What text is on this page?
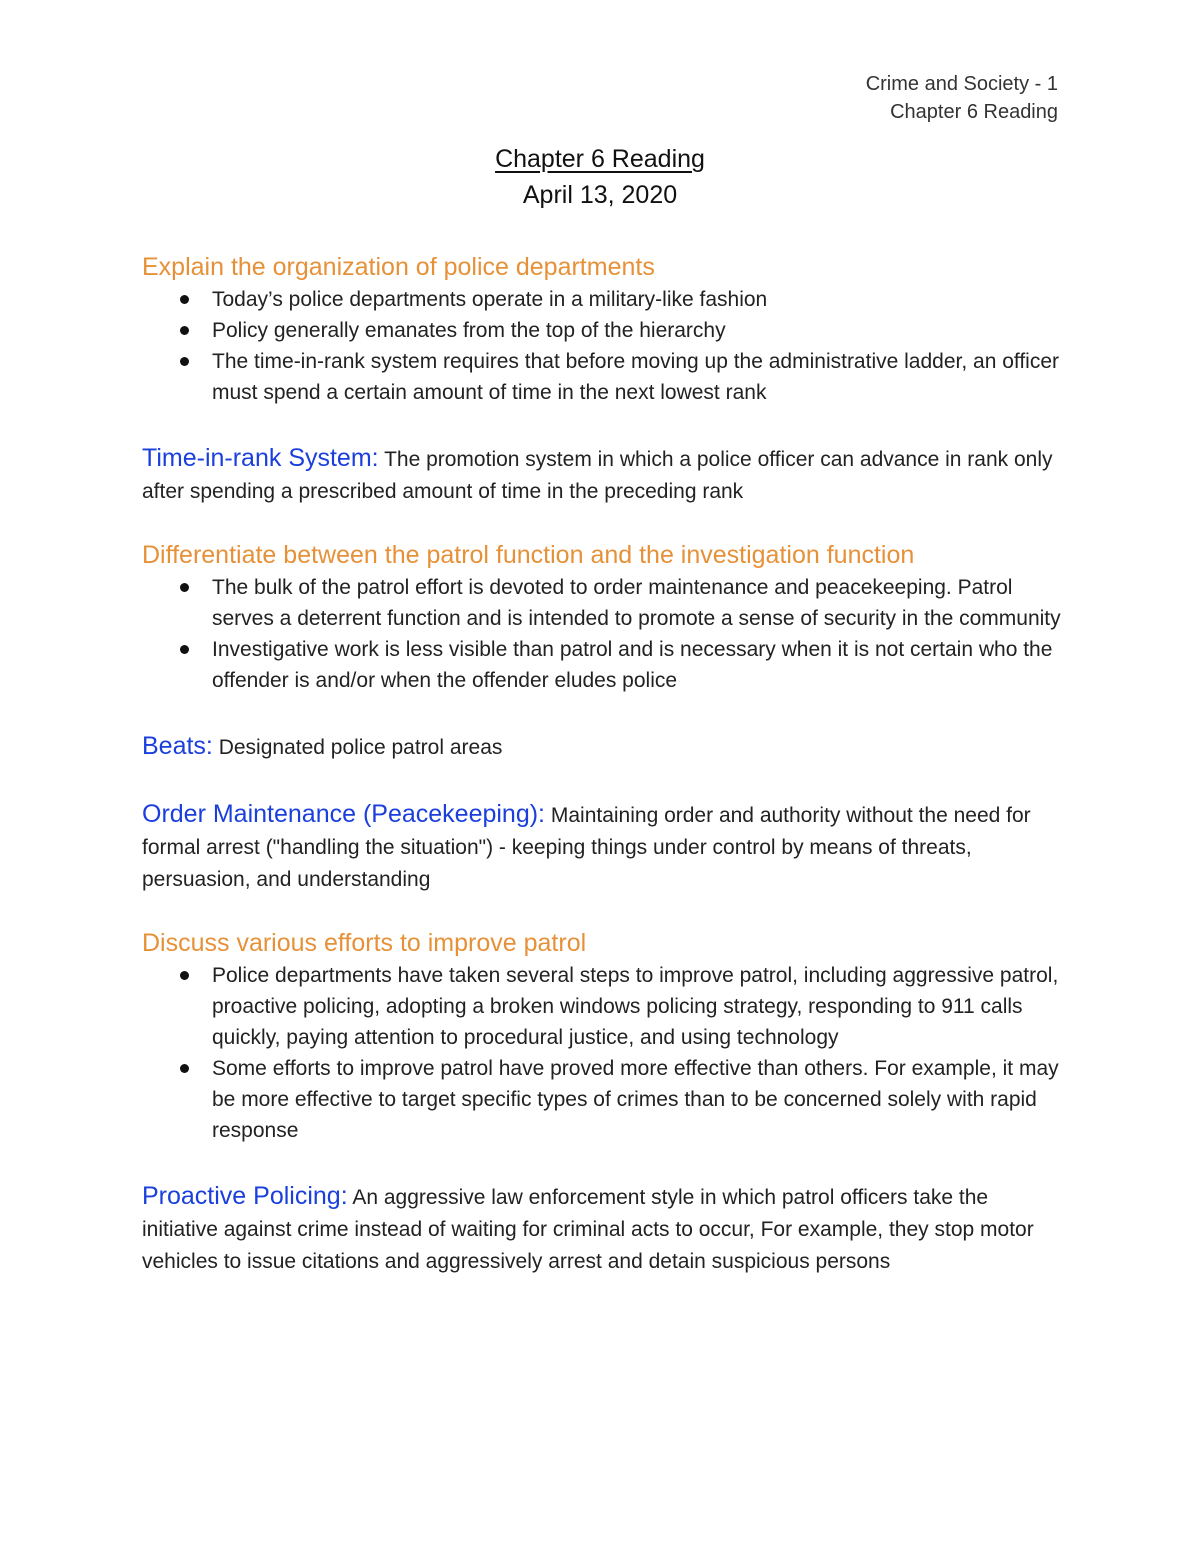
Crime and Society - 1
Chapter 6 Reading
Chapter 6 Reading
April 13, 2020
Explain the organization of police departments
Today’s police departments operate in a military-like fashion
Policy generally emanates from the top of the hierarchy
The time-in-rank system requires that before moving up the administrative ladder, an officer must spend a certain amount of time in the next lowest rank
Time-in-rank System: The promotion system in which a police officer can advance in rank only after spending a prescribed amount of time in the preceding rank
Differentiate between the patrol function and the investigation function
The bulk of the patrol effort is devoted to order maintenance and peacekeeping. Patrol serves a deterrent function and is intended to promote a sense of security in the community
Investigative work is less visible than patrol and is necessary when it is not certain who the offender is and/or when the offender eludes police
Beats: Designated police patrol areas
Order Maintenance (Peacekeeping): Maintaining order and authority without the need for formal arrest ("handling the situation") - keeping things under control by means of threats, persuasion, and understanding
Discuss various efforts to improve patrol
Police departments have taken several steps to improve patrol, including aggressive patrol, proactive policing, adopting a broken windows policing strategy, responding to 911 calls quickly, paying attention to procedural justice, and using technology
Some efforts to improve patrol have proved more effective than others. For example, it may be more effective to target specific types of crimes than to be concerned solely with rapid response
Proactive Policing: An aggressive law enforcement style in which patrol officers take the initiative against crime instead of waiting for criminal acts to occur, For example, they stop motor vehicles to issue citations and aggressively arrest and detain suspicious persons
